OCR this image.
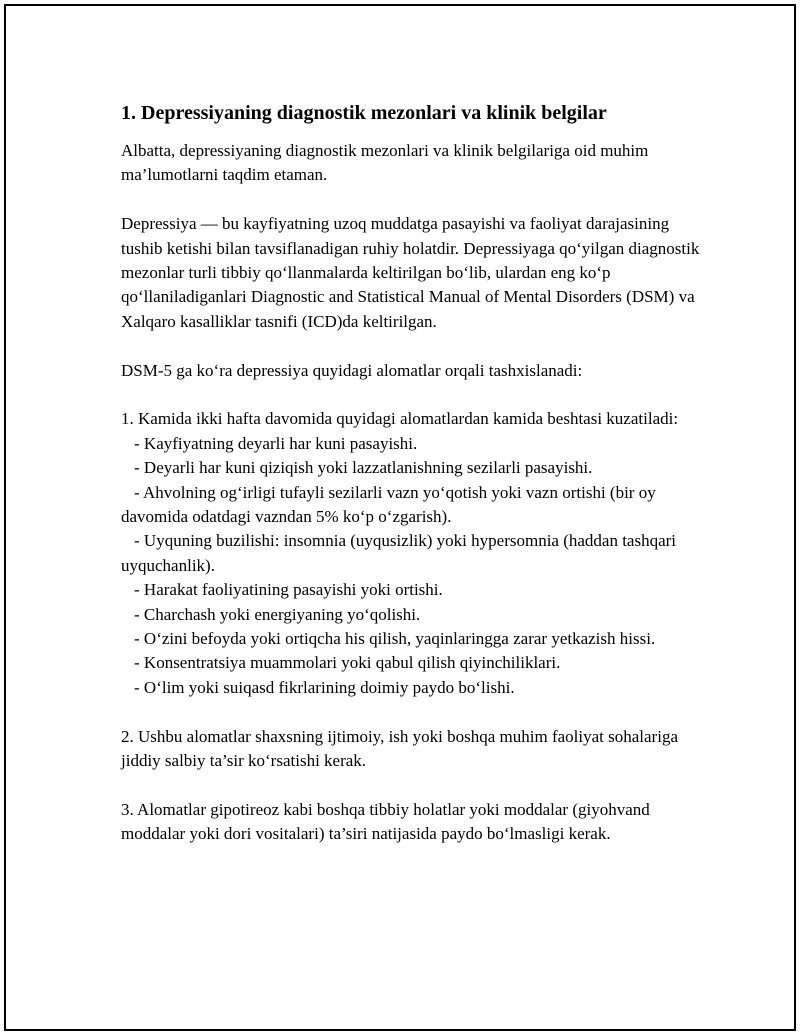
1. Depressiyaning diagnostik mezonlari va klinik belgilar

Albatta, depressiyaning diagnostik mezonlari va klinik belgilariga oid muhim ma’lumotlarni taqdim etaman.

Depressiya — bu kayfiyatning uzoq muddatga pasayishi va faoliyat darajasining tushib ketishi bilan tavsiflanadigan ruhiy holatdir. Depressiyaga qo‘yilgan diagnostik mezonlar turli tibbiy qo‘llanmalarda keltirilgan bo‘lib, ulardan eng ko‘p qo‘llaniladiganlari Diagnostic and Statistical Manual of Mental Disorders (DSM) va Xalqaro kasalliklar tasnifi (ICD)da keltirilgan.

DSM-5 ga ko‘ra depressiya quyidagi alomatlar orqali tashxislanadi:

1. Kamida ikki hafta davomida quyidagi alomatlardan kamida beshtasi kuzatiladi:

- Kayfiyatning deyarli har kuni pasayishi.

- Deyarli har kuni qiziqish yoki lazzatlanishning sezilarli pasayishi.

- Ahvolning og‘irligi tufayli sezilarli vazn yo‘qotish yoki vazn ortishi (bir oy davomida odatdagi vazndan 5% ko‘p o‘zgarish).

- Uyquning buzilishi: insomnia (uyqusizlik) yoki hypersomnia (haddan tashqari uyquchanlik).

- Harakat faoliyatining pasayishi yoki ortishi.

- Charchash yoki energiyaning yo‘qolishi.

- O‘zini befoyda yoki ortiqcha his qilish, yaqinlaringga zarar yetkazish hissi.

- Konsentratsiya muammolari yoki qabul qilish qiyinchiliklari.

- O‘lim yoki suiqasd fikrlarining doimiy paydo bo‘lishi.

2. Ushbu alomatlar shaxsning ijtimoiy, ish yoki boshqa muhim faoliyat sohalariga jiddiy salbiy ta’sir ko‘rsatishi kerak.

3. Alomatlar gipotireoz kabi boshqa tibbiy holatlar yoki moddalar (giyohvand moddalar yoki dori vositalari) ta’siri natijasida paydo bo‘lmasligi kerak.
